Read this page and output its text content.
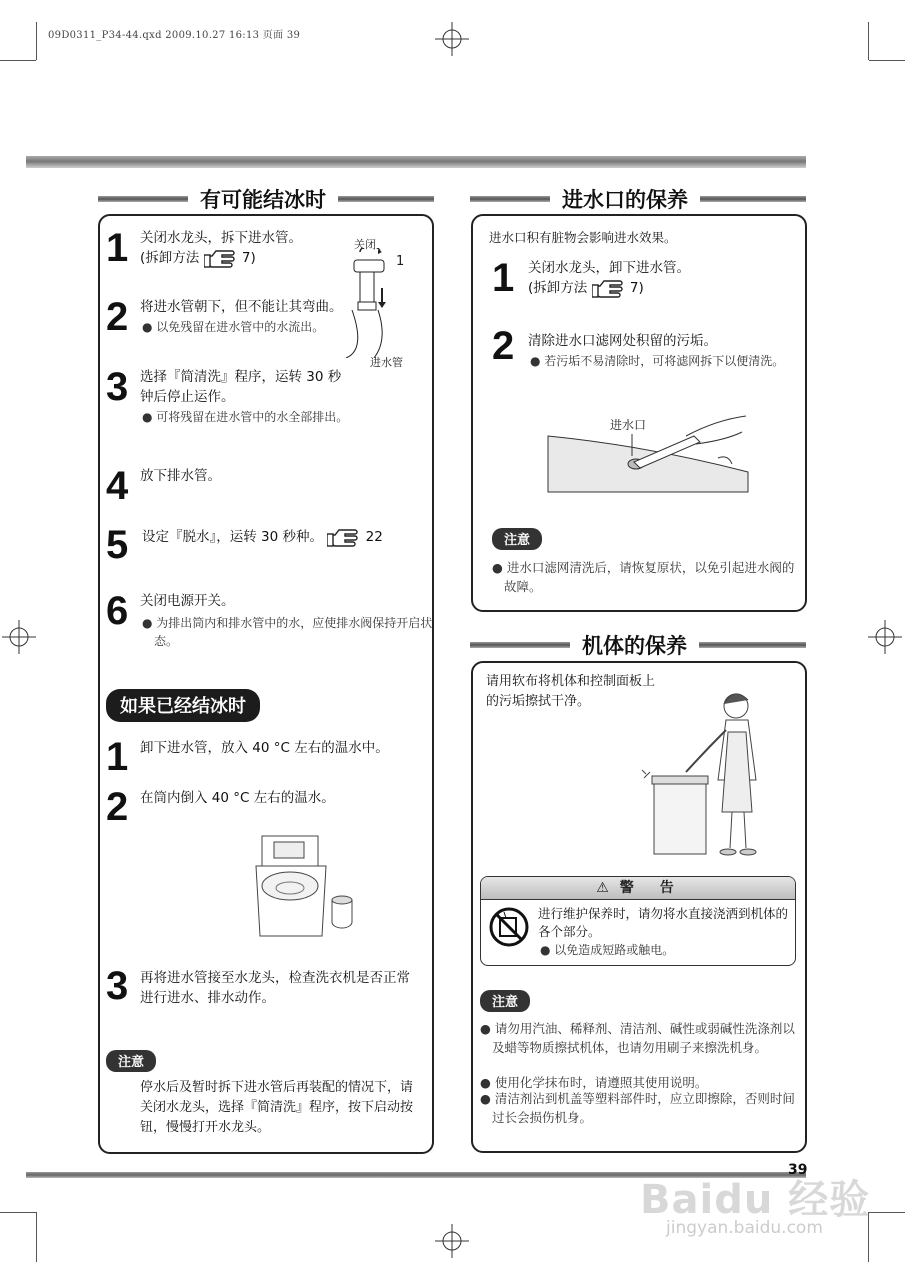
09D0311_P34-44.qxd 2009.10.27 16:13 页面 39
有可能结冰时
1 关闭水龙头，拆下进水管。
(拆卸方法	7)
关闭
1
进水管
2 将进水管朝下，但不能让其弯曲。
● 以免残留在进水管中的水流出。
3 选择『简清洗』程序，运转 30 秒钟后停止运作。
● 可将残留在进水管中的水全部排出。
4 放下排水管。
5 设定『脱水』，运转 30 秒种。	22
6 关闭电源开关。
● 为排出筒内和排水管中的水，应使排水阀保持开启状态。
如果已经结冰时
1 卸下进水管，放入 40 °C 左右的温水中。
2 在筒内倒入 40 °C 左右的温水。
3 再将进水管接至水龙头，检查洗衣机是否正常进行进水、排水动作。
注意
停水后及暂时拆下进水管后再装配的情况下，请关闭水龙头，选择『简清洗』程序，按下启动按钮，慢慢打开水龙头。
进水口的保养
进水口积有脏物会影响进水效果。
1 关闭水龙头，卸下进水管。
(拆卸方法	7)
2 清除进水口滤网处积留的污垢。
● 若污垢不易清除时，可将滤网拆下以便清洗。
进水口
注意
● 进水口滤网清洗后，请恢复原状，以免引起进水阀的故障。
机体的保养
请用软布将机体和控制面板上的污垢擦拭干净。
⚠ 警　告
进行维护保养时，请勿将水直接浇洒到机体的各个部分。
● 以免造成短路或触电。
注意
● 请勿用汽油、稀释剂、清洁剂、碱性或弱碱性洗涤剂以及蜡等物质擦拭机体，也请勿用刷子来擦洗机身。
● 使用化学抹布时，请遵照其使用说明。
● 清洁剂沾到机盖等塑料部件时，应立即擦除，否则时间过长会损伤机身。
39
Baidu 经验
jingyan.baidu.com
